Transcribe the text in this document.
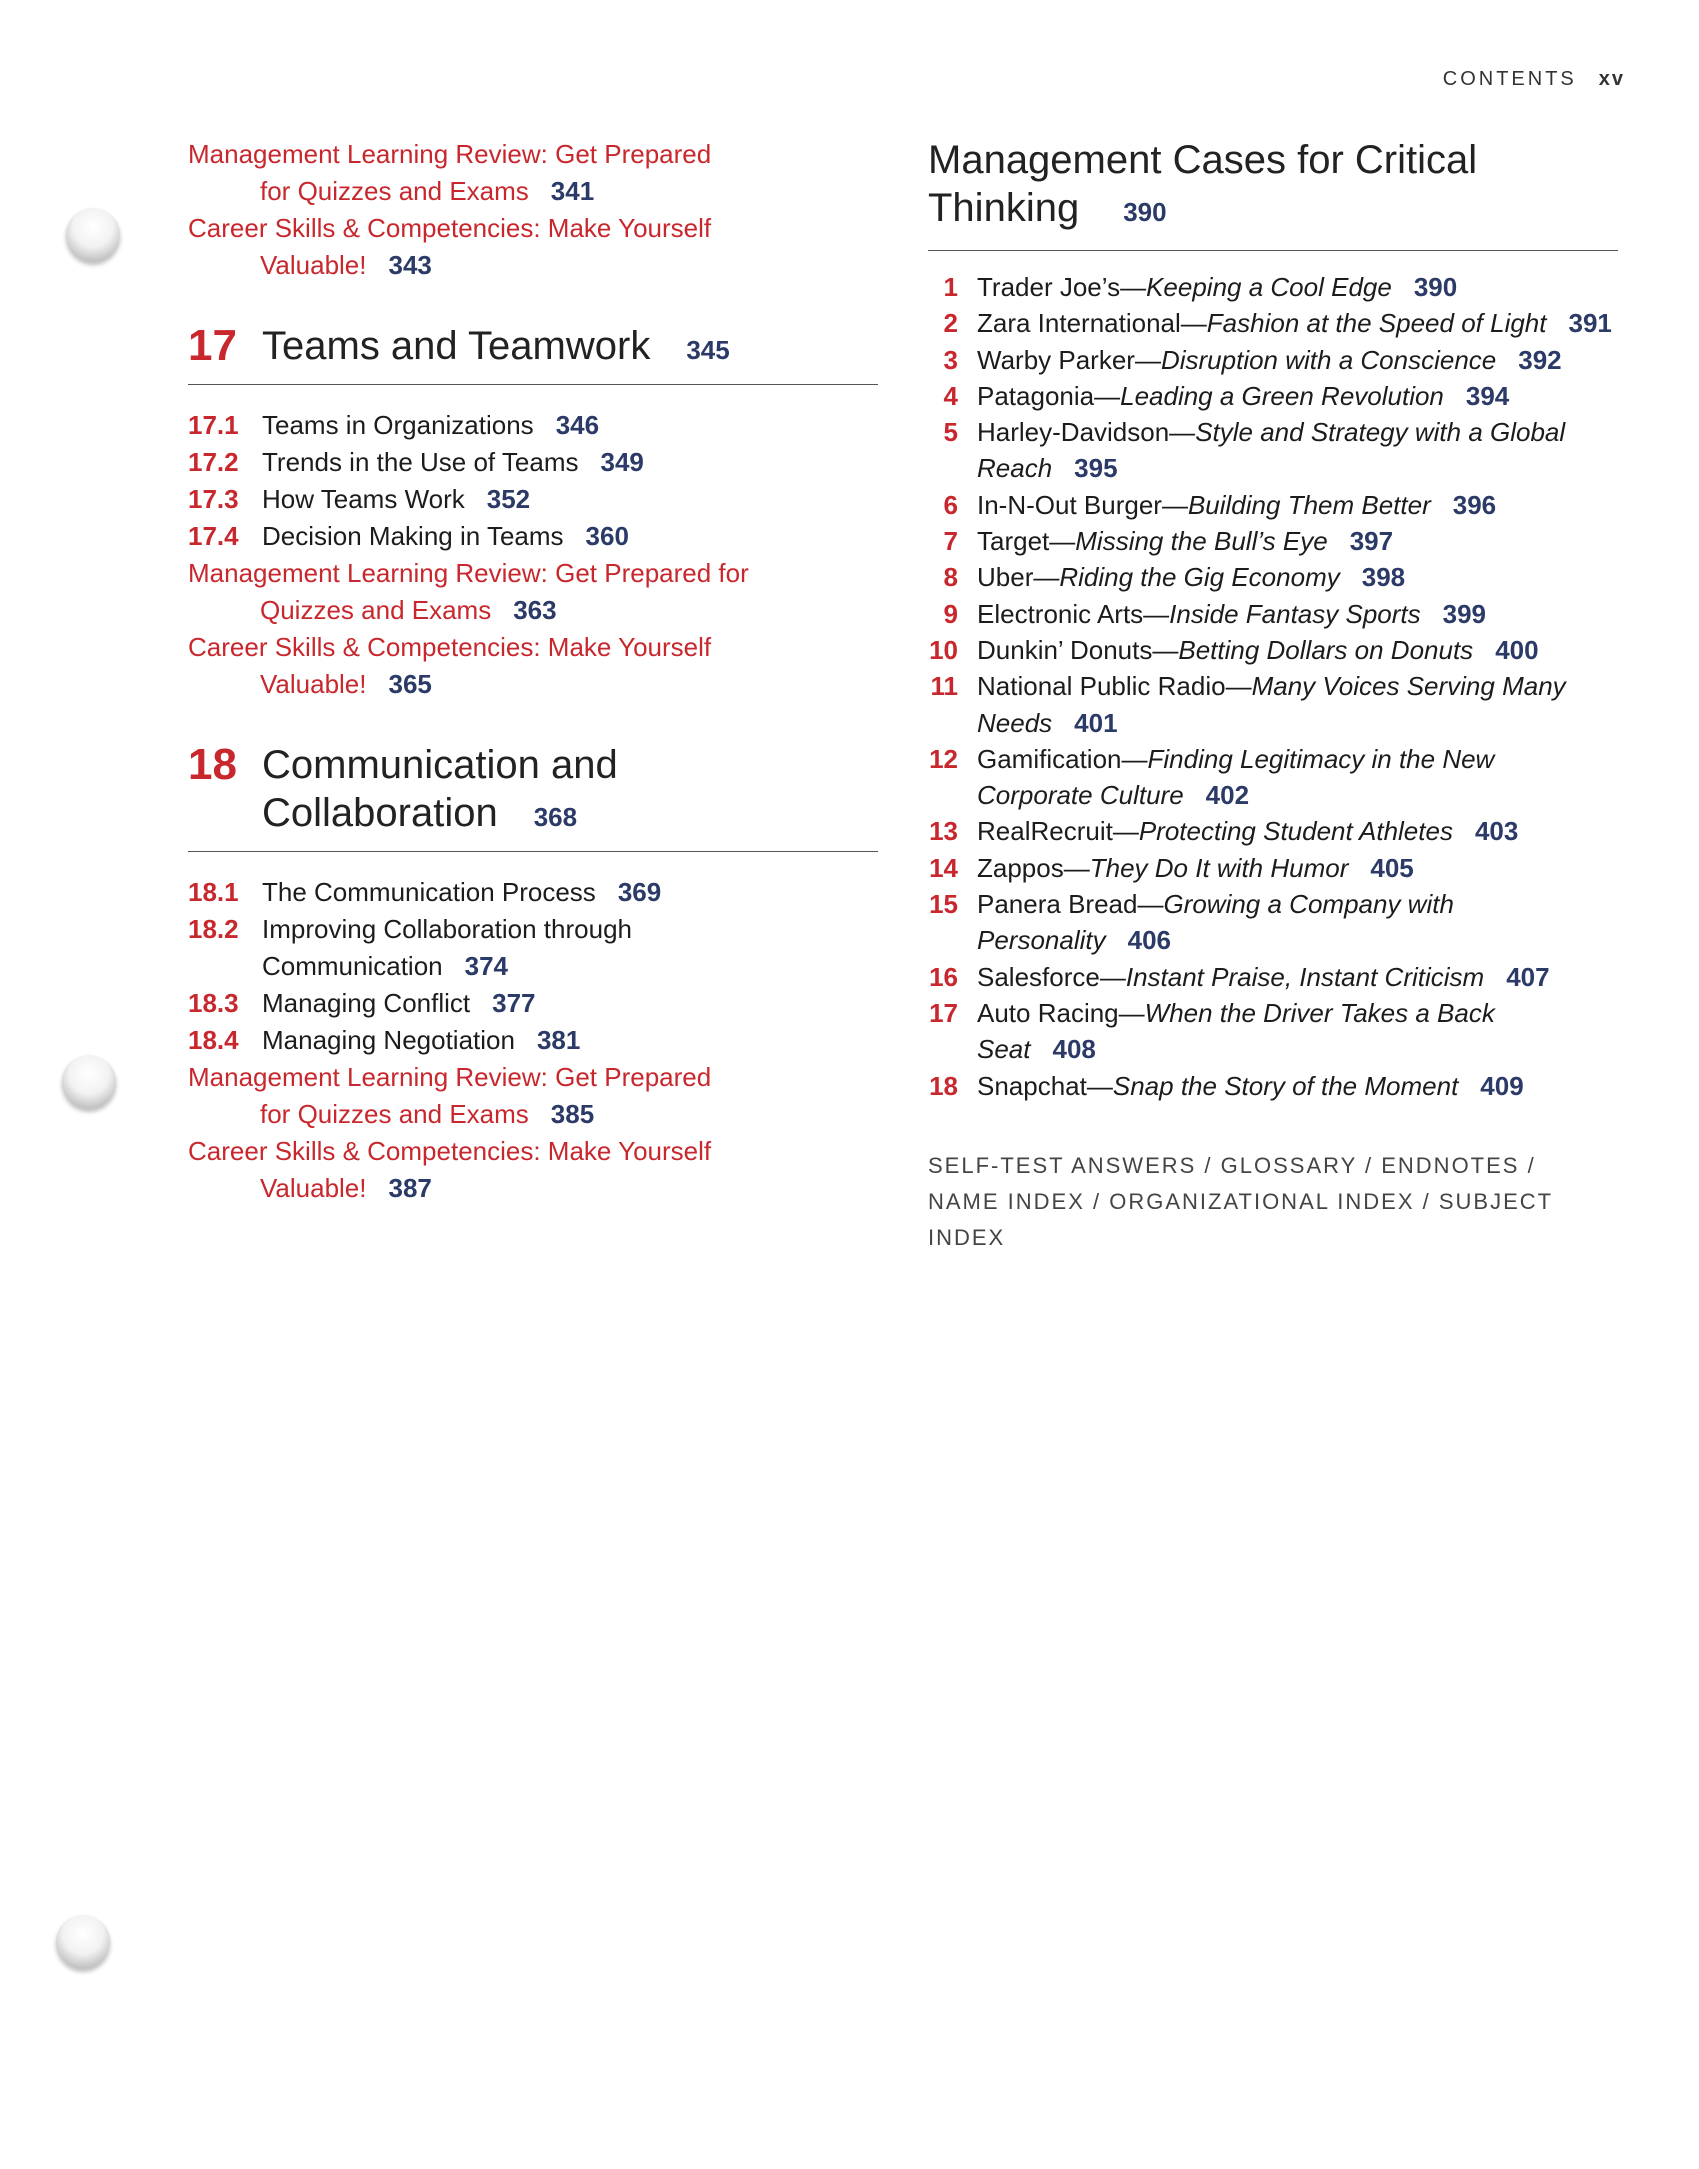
CONTENTS xv
Management Learning Review: Get Prepared
for Quizzes and Exams 341
Career Skills & Competencies: Make Yourself
Valuable! 343
17 Teams and Teamwork 345
17.1 Teams in Organizations 346
17.2 Trends in the Use of Teams 349
17.3 How Teams Work 352
17.4 Decision Making in Teams 360
Management Learning Review: Get Prepared for
Quizzes and Exams 363
Career Skills & Competencies: Make Yourself
Valuable! 365
18 Communication and
Collaboration 368
18.1 The Communication Process 369
18.2 Improving Collaboration through
Communication 374
18.3 Managing Conflict 377
18.4 Managing Negotiation 381
Management Learning Review: Get Prepared
for Quizzes and Exams 385
Career Skills & Competencies: Make Yourself
Valuable! 387
Management Cases for Critical
Thinking 390
1 Trader Joe’s—Keeping a Cool Edge 390
2 Zara International—Fashion at the Speed of Light 391
3 Warby Parker—Disruption with a Conscience 392
4 Patagonia—Leading a Green Revolution 394
5 Harley-Davidson—Style and Strategy with a Global
Reach 395
6 In-N-Out Burger—Building Them Better 396
7 Target—Missing the Bull’s Eye 397
8 Uber—Riding the Gig Economy 398
9 Electronic Arts—Inside Fantasy Sports 399
10 Dunkin’ Donuts—Betting Dollars on Donuts 400
11 National Public Radio—Many Voices Serving Many
Needs 401
12 Gamification—Finding Legitimacy in the New
Corporate Culture 402
13 RealRecruit—Protecting Student Athletes 403
14 Zappos—They Do It with Humor 405
15 Panera Bread—Growing a Company with
Personality 406
16 Salesforce—Instant Praise, Instant Criticism 407
17 Auto Racing—When the Driver Takes a Back Seat 408
18 Snapchat—Snap the Story of the Moment 409
SELF-TEST ANSWERS / GLOSSARY / ENDNOTES / NAME INDEX / ORGANIZATIONAL INDEX / SUBJECT INDEX
